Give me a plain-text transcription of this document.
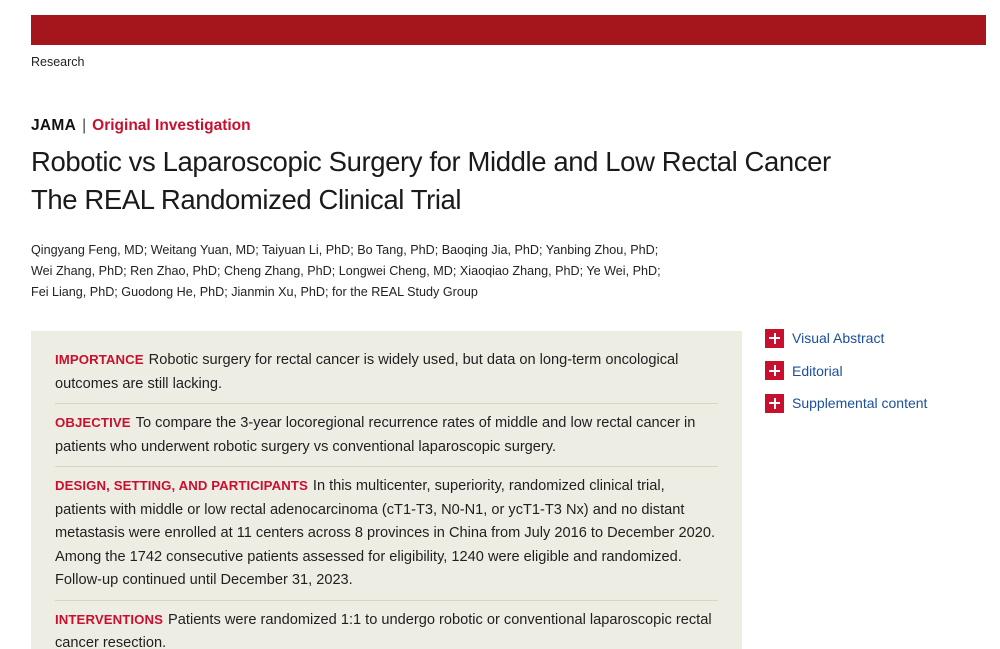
Research
JAMA | Original Investigation
Robotic vs Laparoscopic Surgery for Middle and Low Rectal Cancer
The REAL Randomized Clinical Trial
Qingyang Feng, MD; Weitang Yuan, MD; Taiyuan Li, PhD; Bo Tang, PhD; Baoqing Jia, PhD; Yanbing Zhou, PhD;
Wei Zhang, PhD; Ren Zhao, PhD; Cheng Zhang, PhD; Longwei Cheng, MD; Xiaoqiao Zhang, PhD; Ye Wei, PhD;
Fei Liang, PhD; Guodong He, PhD; Jianmin Xu, PhD; for the REAL Study Group

IMPORTANCE Robotic surgery for rectal cancer is widely used, but data on long-term oncological outcomes are still lacking.

OBJECTIVE To compare the 3-year locoregional recurrence rates of middle and low rectal cancer in patients who underwent robotic surgery vs conventional laparoscopic surgery.

DESIGN, SETTING, AND PARTICIPANTS In this multicenter, superiority, randomized clinical trial, patients with middle or low rectal adenocarcinoma (cT1-T3, N0-N1, or ycT1-T3 Nx) and no distant metastasis were enrolled at 11 centers across 8 provinces in China from July 2016 to December 2020. Among the 1742 consecutive patients assessed for eligibility, 1240 were eligible and randomized. Follow-up continued until December 31, 2023.

INTERVENTIONS Patients were randomized 1:1 to undergo robotic or conventional laparoscopic rectal cancer resection.

Visual Abstract
Editorial
Supplemental content
